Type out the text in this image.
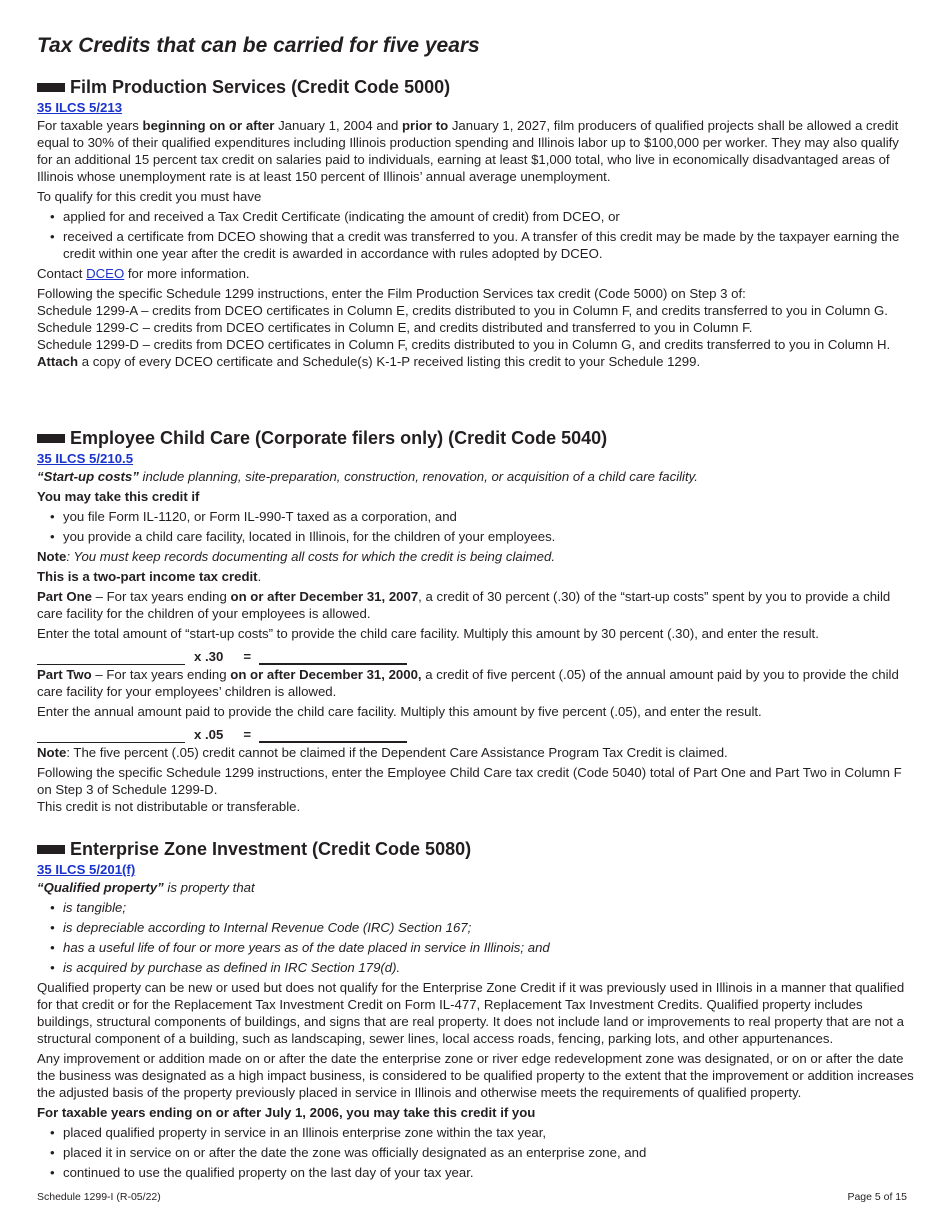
Tax Credits that can be carried for five years
Film Production Services (Credit Code 5000)
35 ILCS 5/213

For taxable years beginning on or after January 1, 2004 and prior to January 1, 2027, film producers of qualified projects shall be allowed a credit equal to 30% of their qualified expenditures including Illinois production spending and Illinois labor up to $100,000 per worker. They may also qualify for an additional 15 percent tax credit on salaries paid to individuals, earning at least $1,000 total, who live in economically disadvantaged areas of Illinois whose unemployment rate is at least 150 percent of Illinois’ annual average unemployment.

To qualify for this credit you must have

• applied for and received a Tax Credit Certificate (indicating the amount of credit) from DCEO, or
• received a certificate from DCEO showing that a credit was transferred to you. A transfer of this credit may be made by the taxpayer earning the credit within one year after the credit is awarded in accordance with rules adopted by DCEO.

Contact DCEO for more information.

Following the specific Schedule 1299 instructions, enter the Film Production Services tax credit (Code 5000) on Step 3 of:
Schedule 1299-A – credits from DCEO certificates in Column E, credits distributed to you in Column F, and credits transferred to you in Column G.
Schedule 1299-C – credits from DCEO certificates in Column E, and credits distributed and transferred to you in Column F.
Schedule 1299-D – credits from DCEO certificates in Column F, credits distributed to you in Column G, and credits transferred to you in Column H.
Attach a copy of every DCEO certificate and Schedule(s) K-1-P received listing this credit to your Schedule 1299.
Employee Child Care (Corporate filers only) (Credit Code 5040)
35 ILCS 5/210.5

“Start-up costs” include planning, site-preparation, construction, renovation, or acquisition of a child care facility.

You may take this credit if

• you file Form IL-1120, or Form IL-990-T taxed as a corporation, and
• you provide a child care facility, located in Illinois, for the children of your employees.

Note: You must keep records documenting all costs for which the credit is being claimed.

This is a two-part income tax credit.

Part One – For tax years ending on or after December 31, 2007, a credit of 30 percent (.30) of the “start-up costs” spent by you to provide a child care facility for the children of your employees is allowed.

Enter the total amount of “start-up costs” to provide the child care facility. Multiply this amount by 30 percent (.30), and enter the result.

x .30 =

Part Two – For tax years ending on or after December 31, 2000, a credit of five percent (.05) of the annual amount paid by you to provide the child care facility for your employees’ children is allowed.

Enter the annual amount paid to provide the child care facility. Multiply this amount by five percent (.05), and enter the result.

x .05 =

Note: The five percent (.05) credit cannot be claimed if the Dependent Care Assistance Program Tax Credit is claimed.

Following the specific Schedule 1299 instructions, enter the Employee Child Care tax credit (Code 5040) total of Part One and Part Two in Column F on Step 3 of Schedule 1299-D.
This credit is not distributable or transferable.
Enterprise Zone Investment (Credit Code 5080)
35 ILCS 5/201(f)

“Qualified property” is property that

• is tangible;
• is depreciable according to Internal Revenue Code (IRC) Section 167;
• has a useful life of four or more years as of the date placed in service in Illinois; and
• is acquired by purchase as defined in IRC Section 179(d).

Qualified property can be new or used but does not qualify for the Enterprise Zone Credit if it was previously used in Illinois in a manner that qualified for that credit or for the Replacement Tax Investment Credit on Form IL-477, Replacement Tax Investment Credits. Qualified property includes buildings, structural components of buildings, and signs that are real property. It does not include land or improvements to real property that are not a structural component of a building, such as landscaping, sewer lines, local access roads, fencing, parking lots, and other appurtenances.

Any improvement or addition made on or after the date the enterprise zone or river edge redevelopment zone was designated, or on or after the date the business was designated as a high impact business, is considered to be qualified property to the extent that the improvement or addition increases the adjusted basis of the property previously placed in service in Illinois and otherwise meets the requirements of qualified property.

For taxable years ending on or after July 1, 2006, you may take this credit if you

• placed qualified property in service in an Illinois enterprise zone within the tax year,
• placed it in service on or after the date the zone was officially designated as an enterprise zone, and
• continued to use the qualified property on the last day of your tax year.
Schedule 1299-I (R-05/22)	Page 5 of 15
